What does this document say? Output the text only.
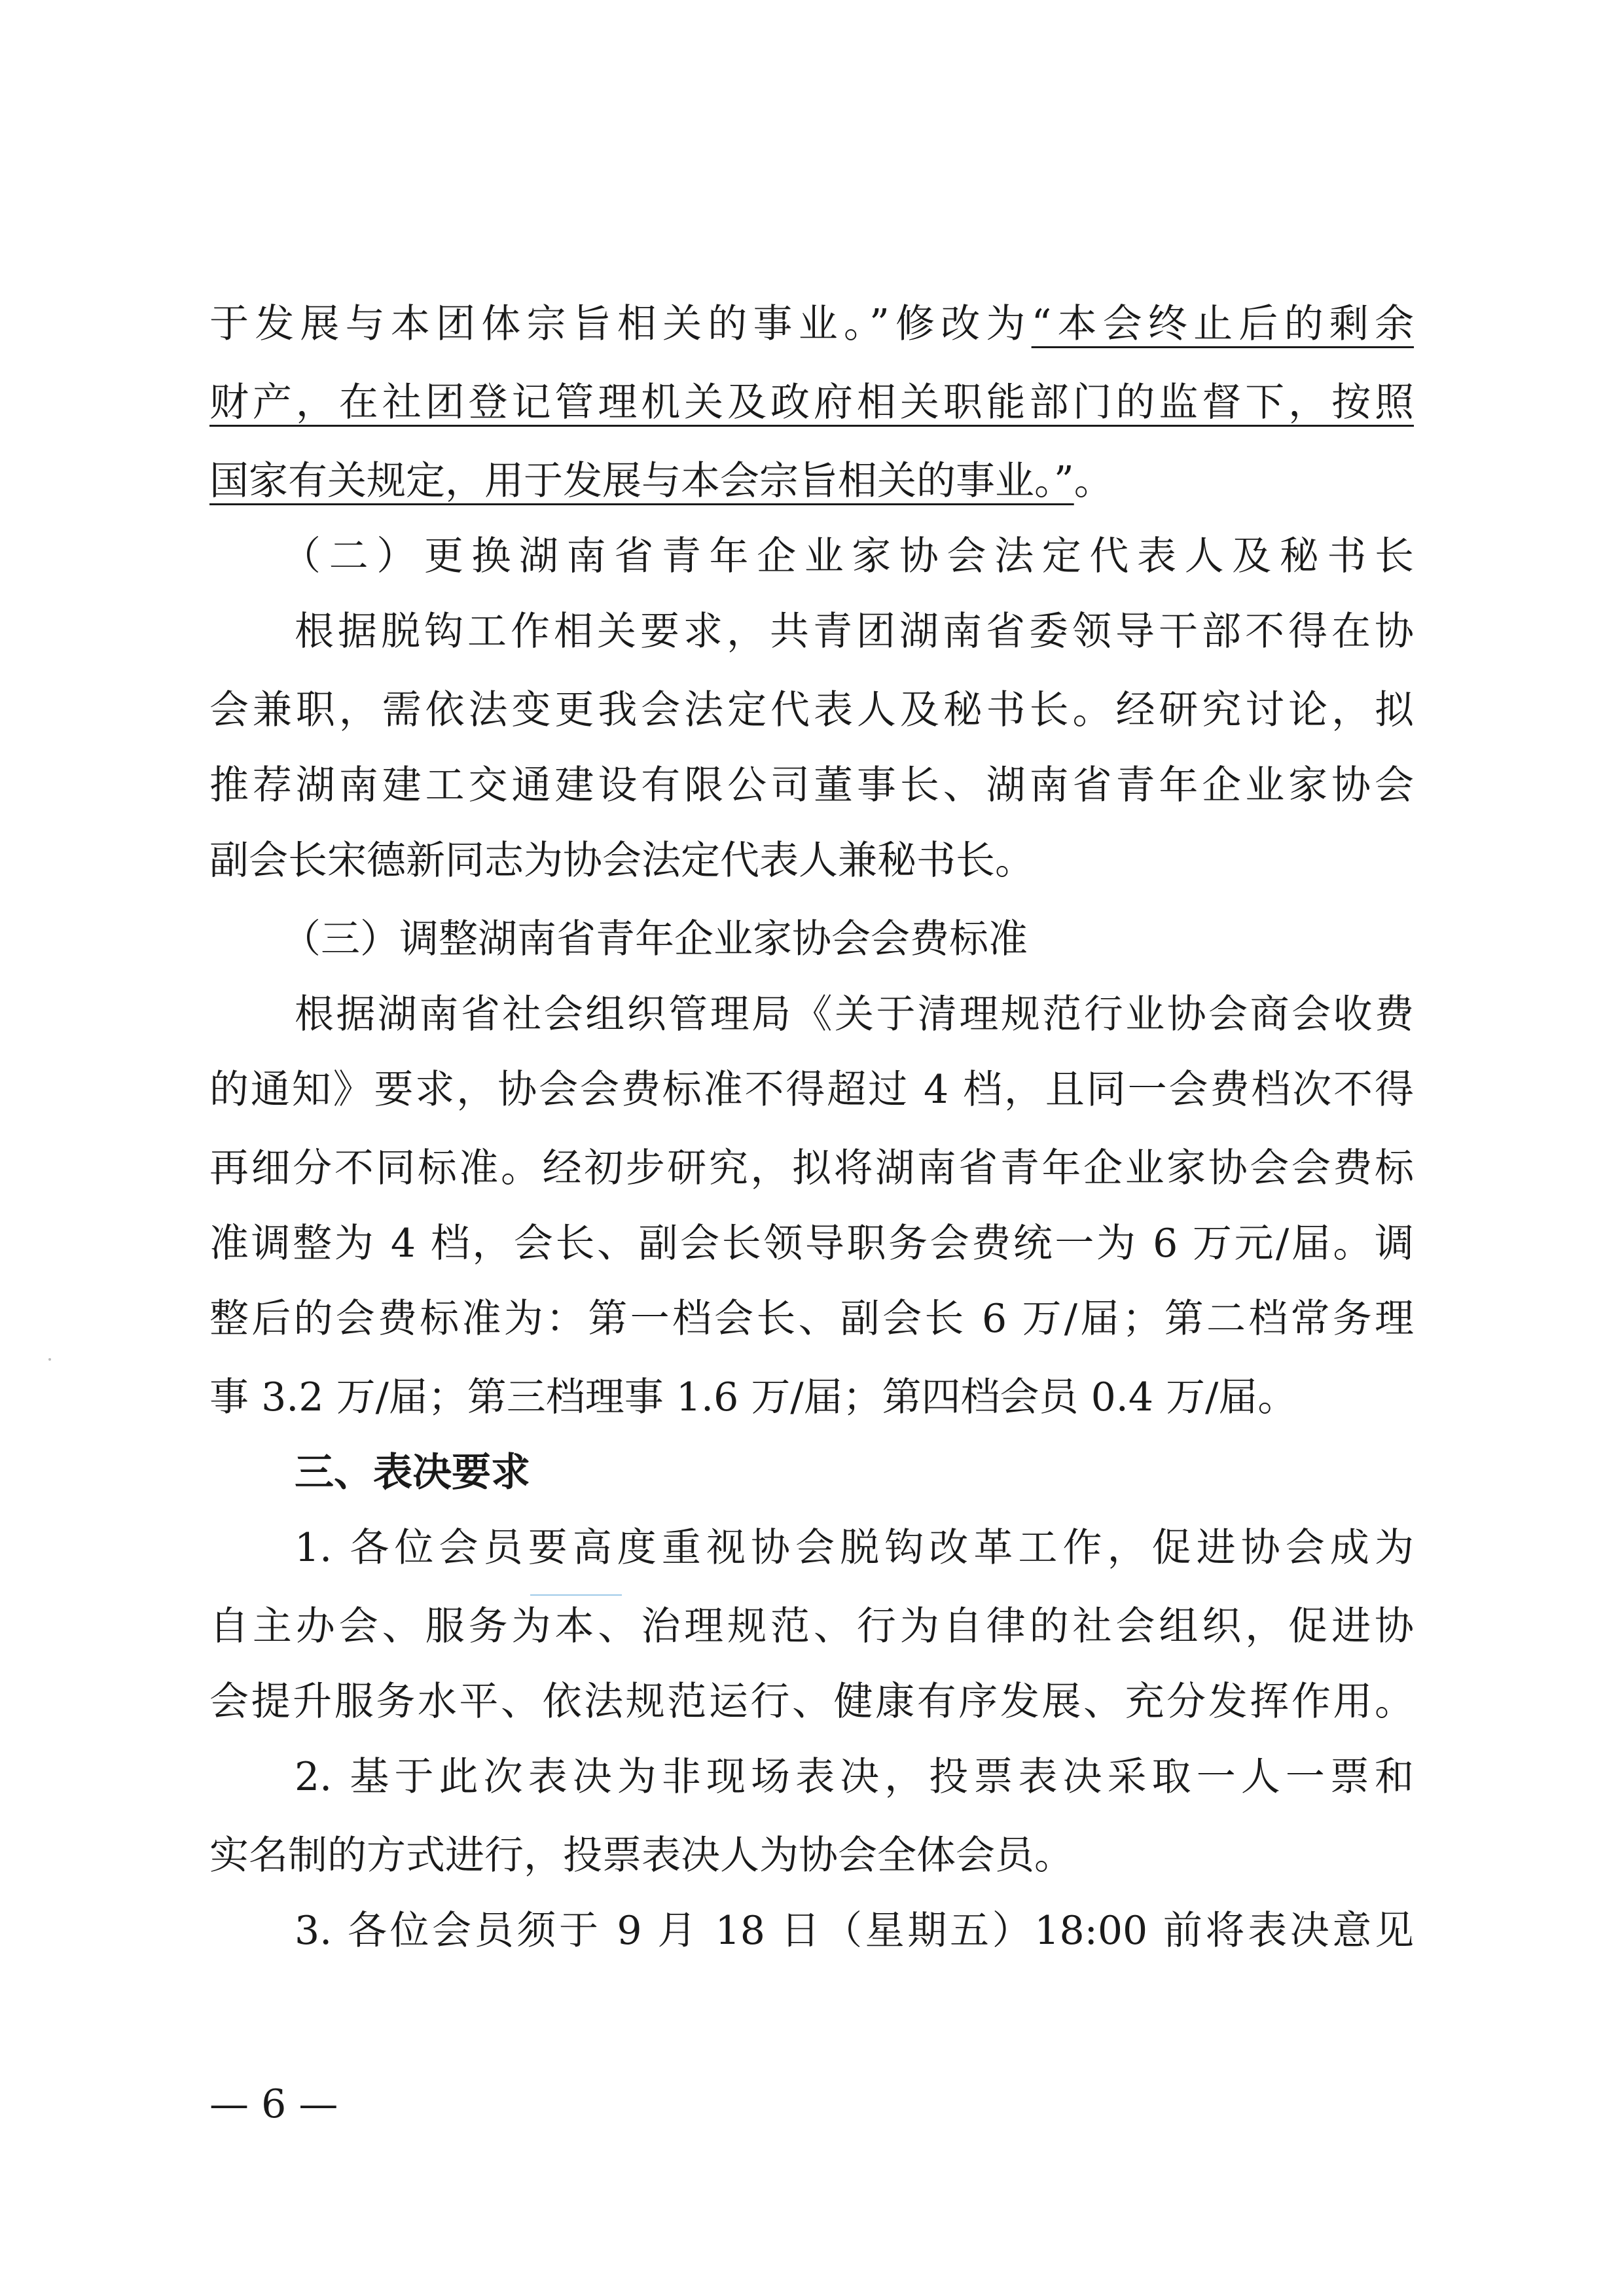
于发展与本团体宗旨相关的事业。”修改为“本会终止后的剩余

财产，在社团登记管理机关及政府相关职能部门的监督下，按照

国家有关规定，用于发展与本会宗旨相关的事业。”。

（二）更换湖南省青年企业家协会法定代表人及秘书长

根据脱钩工作相关要求，共青团湖南省委领导干部不得在协

会兼职，需依法变更我会法定代表人及秘书长。经研究讨论，拟

推荐湖南建工交通建设有限公司董事长、湖南省青年企业家协会

副会长宋德新同志为协会法定代表人兼秘书长。

（三）调整湖南省青年企业家协会会费标准

根据湖南省社会组织管理局《关于清理规范行业协会商会收费

的通知》要求，协会会费标准不得超过 4 档，且同一会费档次不得

再细分不同标准。经初步研究，拟将湖南省青年企业家协会会费标

准调整为 4 档，会长、副会长领导职务会费统一为 6 万元/届。调

整后的会费标准为：第一档会长、副会长 6 万/届；第二档常务理

事 3.2 万/届；第三档理事 1.6 万/届；第四档会员 0.4 万/届。

三、表决要求

1. 各位会员要高度重视协会脱钩改革工作，促进协会成为

自主办会、服务为本、治理规范、行为自律的社会组织，促进协

会提升服务水平、依法规范运行、健康有序发展、充分发挥作用。

2. 基于此次表决为非现场表决，投票表决采取一人一票和

实名制的方式进行，投票表决人为协会全体会员。

3. 各位会员须于 9 月 18 日（星期五）18:00 前将表决意见

— 6 —
